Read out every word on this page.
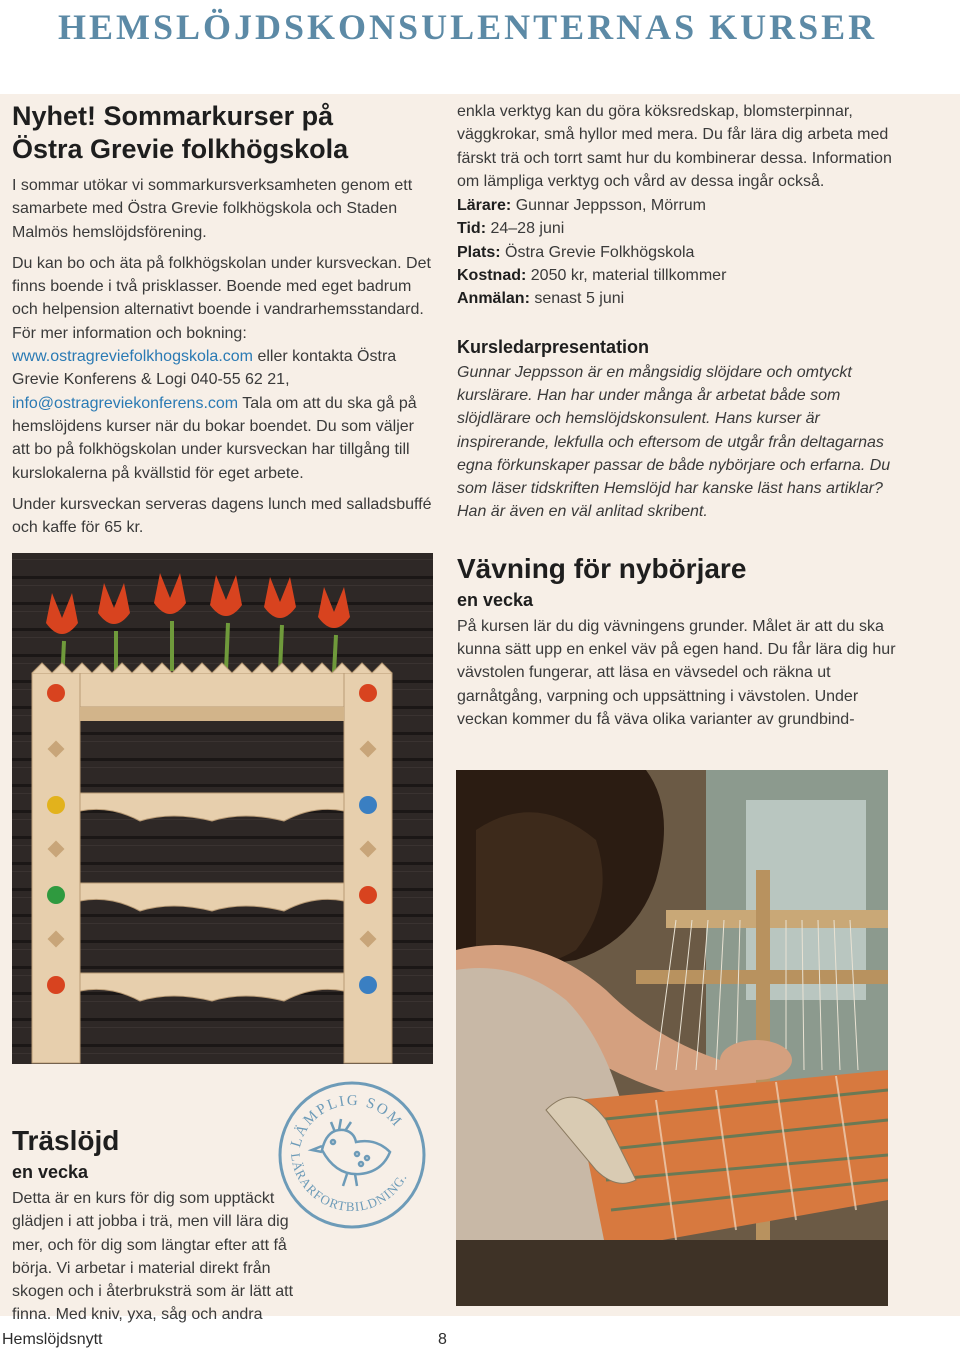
HEMSLÖJDSKONSULENTERNAS KURSER
Nyhet! Sommarkurser på
Östra Grevie folkhögskola

I sommar utökar vi sommarkursverksamheten genom ett samarbete med Östra Grevie folkhögskola och Staden Malmös hemslöjdsförening.

Du kan bo och äta på folkhögskolan under kursveckan. Det finns boende i två prisklasser. Boende med eget badrum och helpension alternativt boende i vandrarhemsstandard. För mer information och bokning: www.ostragreviefolkhogskola.com eller kontakta Östra Grevie Konferens & Logi 040-55 62 21, info@ostragreviekonferens.com Tala om att du ska gå på hemslöjdens kurser när du bokar boendet. Du som väljer att bo på folkhögskolan under kursveckan har tillgång till kurslokalerna på kvällstid för eget arbete.

Under kursveckan serveras dagens lunch med salladsbuffé och kaffe för 65 kr.

enkla verktyg kan du göra köksredskap, blomsterpinnar, väggkrokar, små hyllor med mera. Du får lära dig arbeta med färskt trä och torrt samt hur du kombinerar dessa. Information om lämpliga verktyg och vård av dessa ingår också.

Lärare: Gunnar Jeppsson, Mörrum

Tid: 24–28 juni

Plats: Östra Grevie Folkhögskola

Kostnad: 2050 kr, material tillkommer

Anmälan: senast 5 juni

Kursledarpresentation

Gunnar Jeppsson är en mångsidig slöjdare och omtyckt kurslärare. Han har under många år arbetat både som slöjdlärare och hemslöjdskonsulent. Hans kurser är inspirerande, lekfulla och eftersom de utgår från deltagarnas egna förkunskaper passar de både nybörjare och erfarna. Du som läser tidskriften Hemslöjd har kanske läst hans artiklar? Han är även en väl anlitad skribent.

Vävning för nybörjare
en vecka

På kursen lär du dig vävningens grunder. Målet är att du ska kunna sätt upp en enkel väv på egen hand. Du får lära dig hur vävstolen fungerar, att läsa en vävsedel och räkna ut garnåtgång, varpning och uppsättning i vävstolen. Under veckan kommer du få väva olika varianter av grundbind-

Träslöjd
en vecka

Detta är en kurs för dig som upptäckt glädjen i att jobba i trä, men vill lära dig mer, och för dig som längtar efter att få börja. Vi arbetar i material direkt från skogen och i återbruksträ som är lätt att finna. Med kniv, yxa, såg och andra

LÄMPLIG SOM
LÄRARFORTBILDNING.
Hemslöjdsnytt	8
